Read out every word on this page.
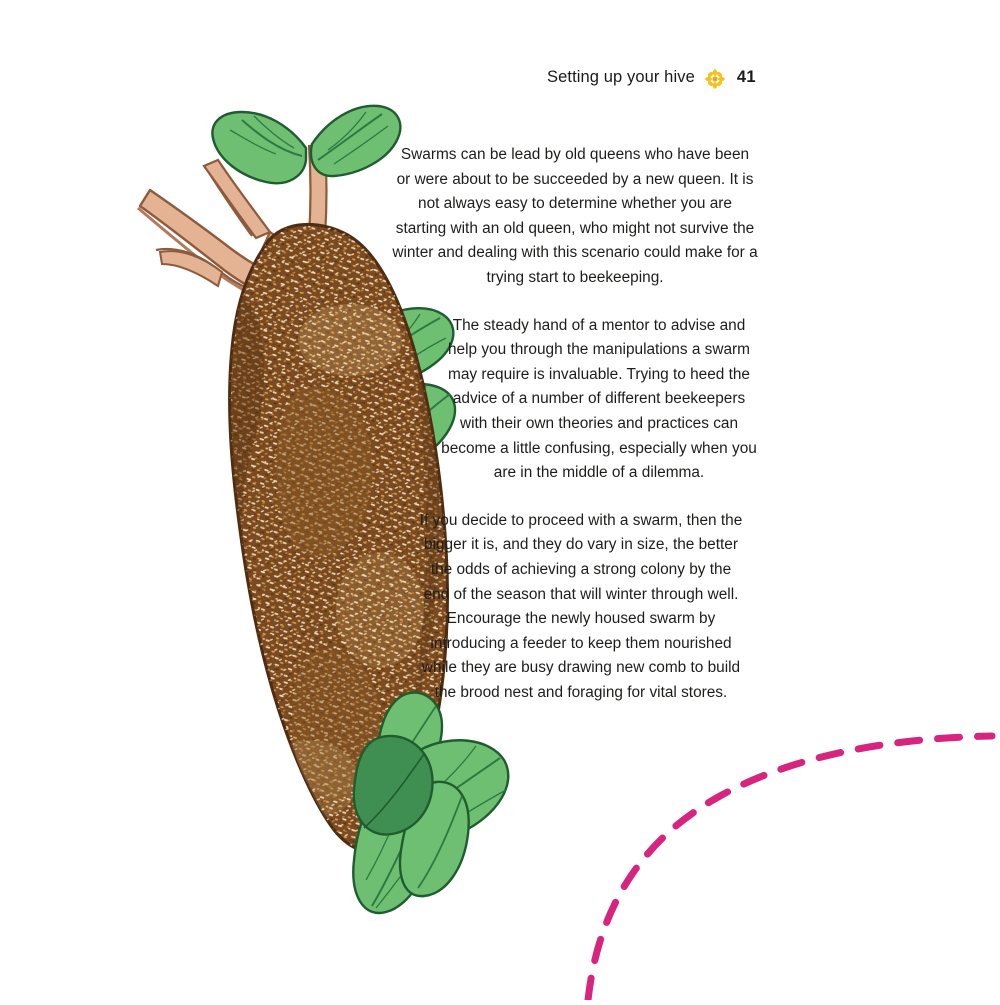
Setting up your hive	41

Swarms can be lead by old queens who have been or were about to be succeeded by a new queen. It is not always easy to determine whether you are starting with an old queen, who might not survive the winter and dealing with this scenario could make for a trying start to beekeeping.

The steady hand of a mentor to advise and help you through the manipulations a swarm may require is invaluable. Trying to heed the advice of a number of different beekeepers with their own theories and practices can become a little confusing, especially when you are in the middle of a dilemma.

If you decide to proceed with a swarm, then the bigger it is, and they do vary in size, the better the odds of achieving a strong colony by the end of the season that will winter through well. Encourage the newly housed swarm by introducing a feeder to keep them nourished while they are busy drawing new comb to build the brood nest and foraging for vital stores.
